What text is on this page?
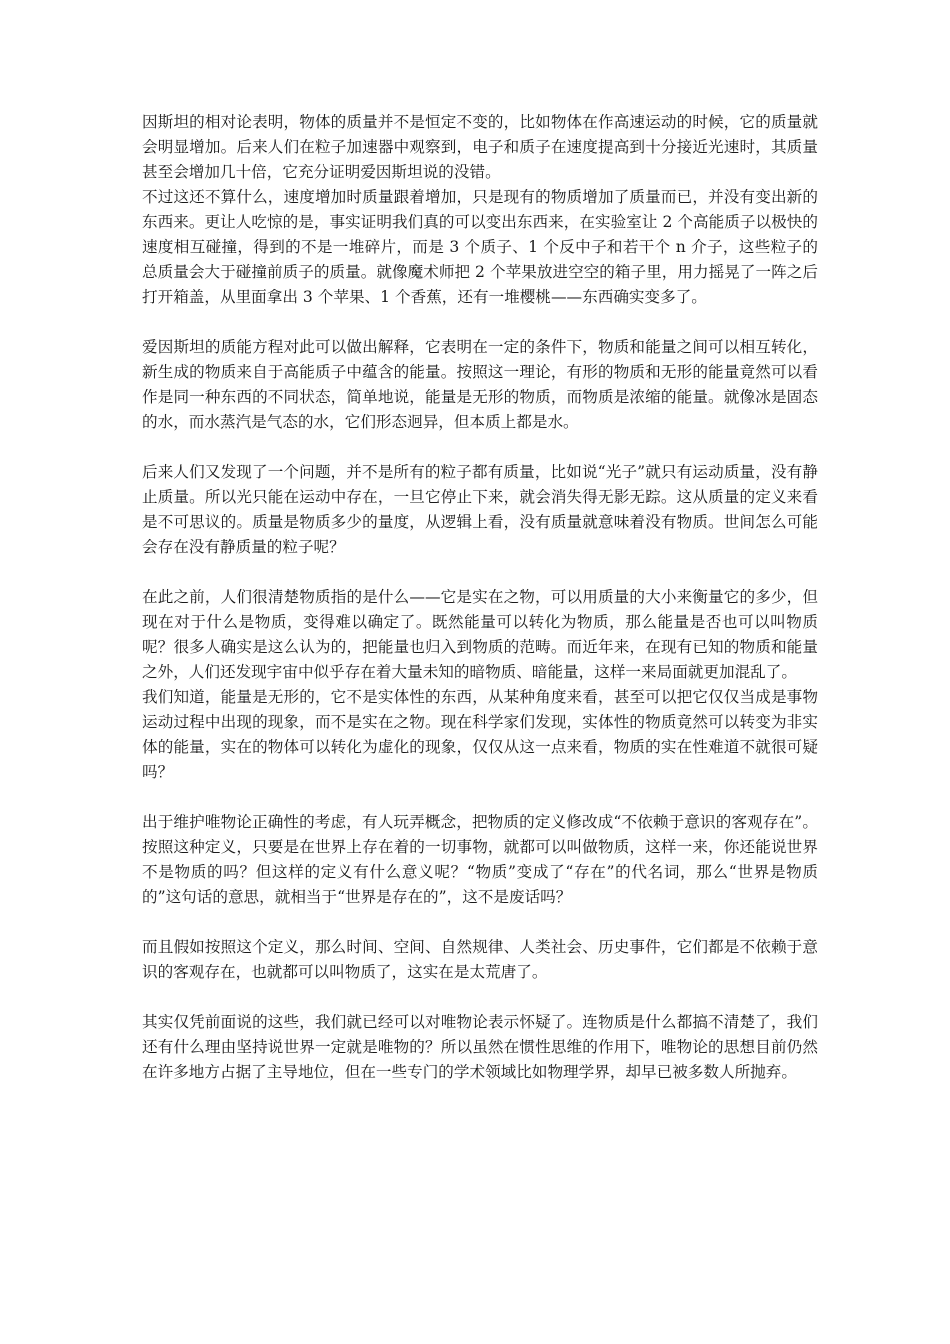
因斯坦的相对论表明，物体的质量并不是恒定不变的，比如物体在作高速运动的时候，它的质量就会明显增加。后来人们在粒子加速器中观察到，电子和质子在速度提高到十分接近光速时，其质量甚至会增加几十倍，它充分证明爱因斯坦说的没错。

不过这还不算什么，速度增加时质量跟着增加，只是现有的物质增加了质量而已，并没有变出新的东西来。更让人吃惊的是，事实证明我们真的可以变出东西来，在实验室让 2 个高能质子以极快的速度相互碰撞，得到的不是一堆碎片，而是 3 个质子、1 个反中子和若干个 n 介子，这些粒子的总质量会大于碰撞前质子的质量。就像魔术师把 2 个苹果放进空空的箱子里，用力摇晃了一阵之后打开箱盖，从里面拿出 3 个苹果、1 个香蕉，还有一堆樱桃——东西确实变多了。

爱因斯坦的质能方程对此可以做出解释，它表明在一定的条件下，物质和能量之间可以相互转化，新生成的物质来自于高能质子中蕴含的能量。按照这一理论，有形的物质和无形的能量竟然可以看作是同一种东西的不同状态，简单地说，能量是无形的物质，而物质是浓缩的能量。就像冰是固态的水，而水蒸汽是气态的水，它们形态迥异，但本质上都是水。

后来人们又发现了一个问题，并不是所有的粒子都有质量，比如说“光子”就只有运动质量，没有静止质量。所以光只能在运动中存在，一旦它停止下来，就会消失得无影无踪。这从质量的定义来看是不可思议的。质量是物质多少的量度，从逻辑上看，没有质量就意味着没有物质。世间怎么可能会存在没有静质量的粒子呢？

在此之前，人们很清楚物质指的是什么——它是实在之物，可以用质量的大小来衡量它的多少，但现在对于什么是物质，变得难以确定了。既然能量可以转化为物质，那么能量是否也可以叫物质呢？很多人确实是这么认为的，把能量也归入到物质的范畴。而近年来，在现有已知的物质和能量之外，人们还发现宇宙中似乎存在着大量未知的暗物质、暗能量，这样一来局面就更加混乱了。

我们知道，能量是无形的，它不是实体性的东西，从某种角度来看，甚至可以把它仅仅当成是事物运动过程中出现的现象，而不是实在之物。现在科学家们发现，实体性的物质竟然可以转变为非实体的能量，实在的物体可以转化为虚化的现象，仅仅从这一点来看，物质的实在性难道不就很可疑吗？

出于维护唯物论正确性的考虑，有人玩弄概念，把物质的定义修改成“不依赖于意识的客观存在”。按照这种定义，只要是在世界上存在着的一切事物，就都可以叫做物质，这样一来，你还能说世界不是物质的吗？但这样的定义有什么意义呢？“物质”变成了“存在”的代名词，那么“世界是物质的”这句话的意思，就相当于“世界是存在的”，这不是废话吗？

而且假如按照这个定义，那么时间、空间、自然规律、人类社会、历史事件，它们都是不依赖于意识的客观存在，也就都可以叫物质了，这实在是太荒唐了。

其实仅凭前面说的这些，我们就已经可以对唯物论表示怀疑了。连物质是什么都搞不清楚了，我们还有什么理由坚持说世界一定就是唯物的？所以虽然在惯性思维的作用下，唯物论的思想目前仍然在许多地方占据了主导地位，但在一些专门的学术领域比如物理学界，却早已被多数人所抛弃。
